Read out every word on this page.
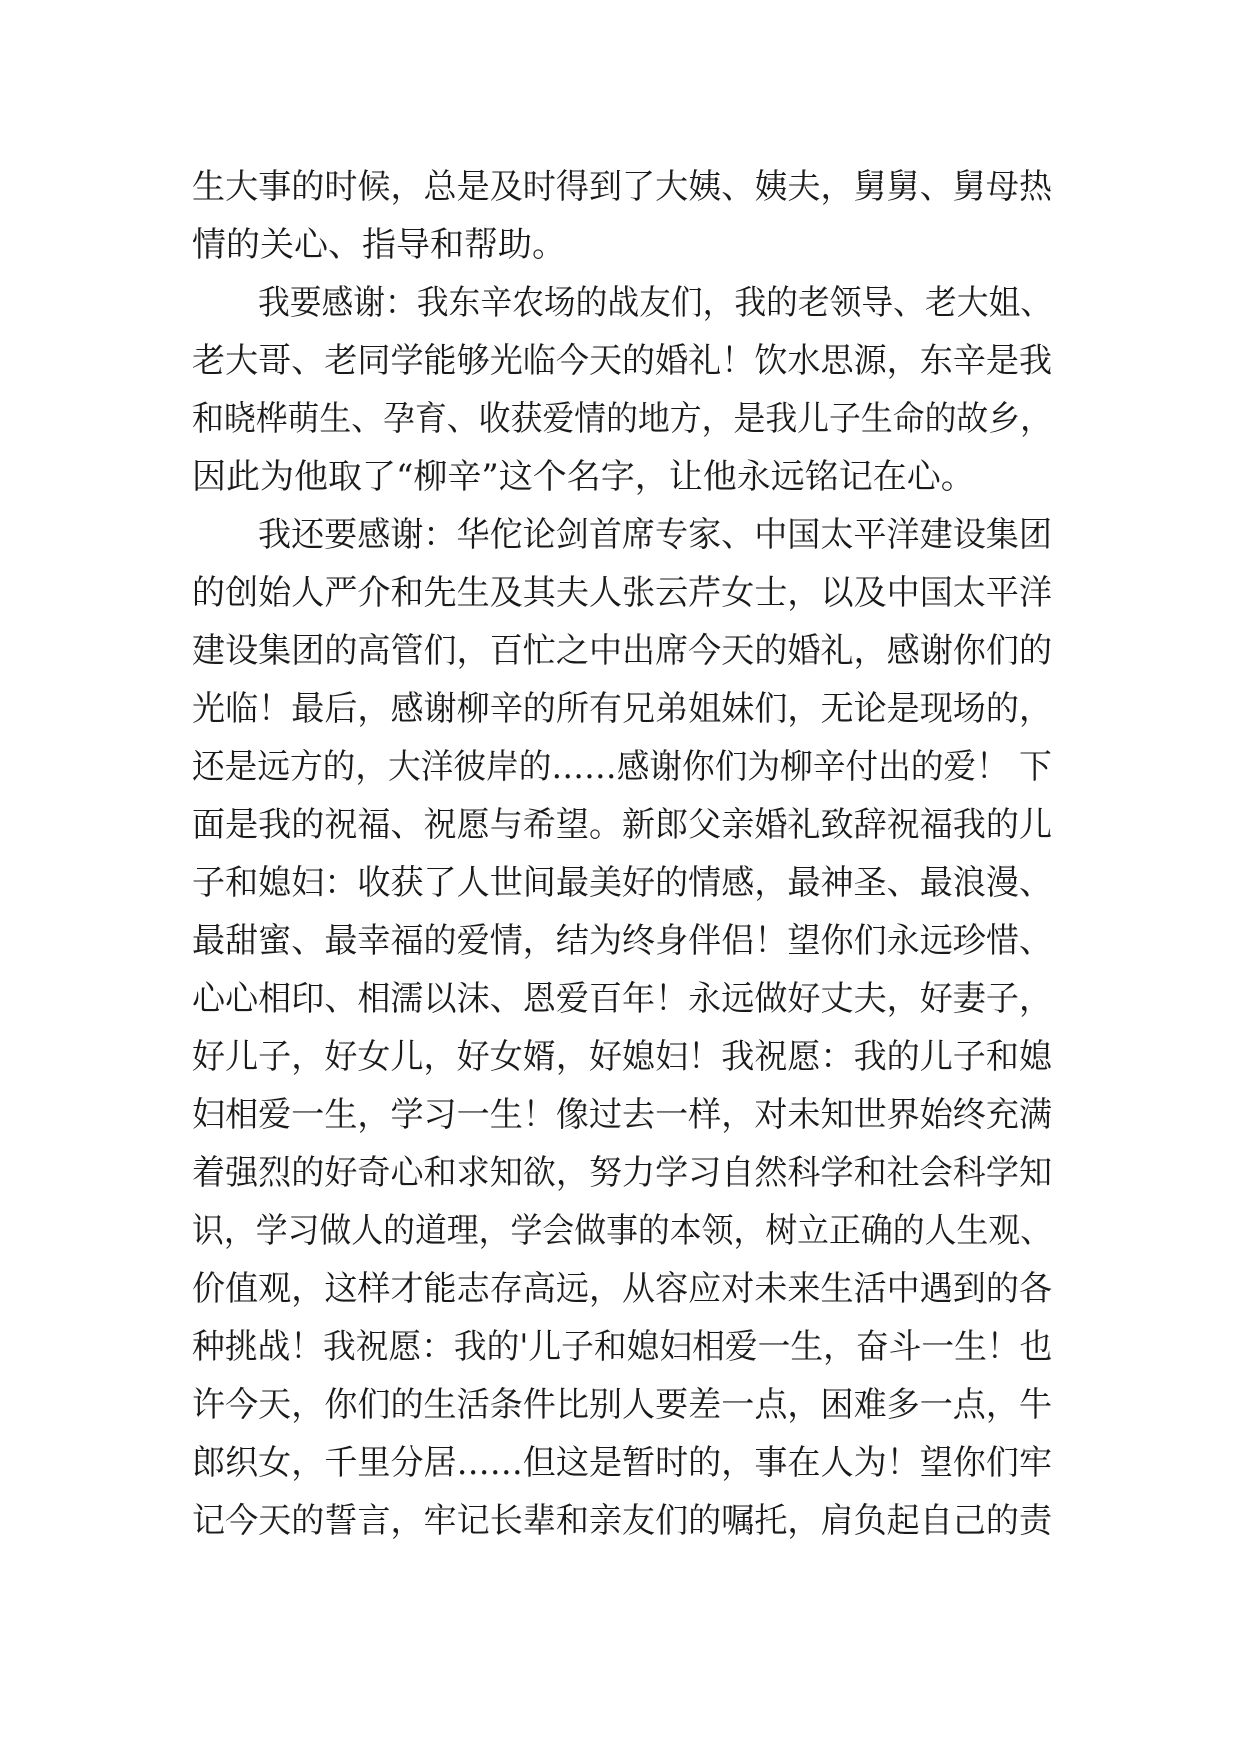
生大事的时候，总是及时得到了大姨、姨夫，舅舅、舅母热

情的关心、指导和帮助。

我要感谢：我东辛农场的战友们，我的老领导、老大姐、

老大哥、老同学能够光临今天的婚礼！饮水思源，东辛是我

和晓桦萌生、孕育、收获爱情的地方，是我儿子生命的故乡，

因此为他取了“柳辛”这个名字，让他永远铭记在心。

我还要感谢：华佗论剑首席专家、中国太平洋建设集团

的创始人严介和先生及其夫人张云芹女士，以及中国太平洋

建设集团的高管们，百忙之中出席今天的婚礼，感谢你们的

光临！最后，感谢柳辛的所有兄弟姐妹们，无论是现场的，

还是远方的，大洋彼岸的……感谢你们为柳辛付出的爱！ 下

面是我的祝福、祝愿与希望。新郎父亲婚礼致辞祝福我的儿

子和媳妇：收获了人世间最美好的情感，最神圣、最浪漫、

最甜蜜、最幸福的爱情，结为终身伴侣！望你们永远珍惜、

心心相印、相濡以沫、恩爱百年！永远做好丈夫，好妻子，

好儿子，好女儿，好女婿，好媳妇！我祝愿：我的儿子和媳

妇相爱一生，学习一生！像过去一样，对未知世界始终充满

着强烈的好奇心和求知欲，努力学习自然科学和社会科学知

识，学习做人的道理，学会做事的本领，树立正确的人生观、

价值观，这样才能志存高远，从容应对未来生活中遇到的各

种挑战！我祝愿：我的'儿子和媳妇相爱一生，奋斗一生！也

许今天，你们的生活条件比别人要差一点，困难多一点，牛

郎织女，千里分居……但这是暂时的，事在人为！望你们牢

记今天的誓言，牢记长辈和亲友们的嘱托，肩负起自己的责
